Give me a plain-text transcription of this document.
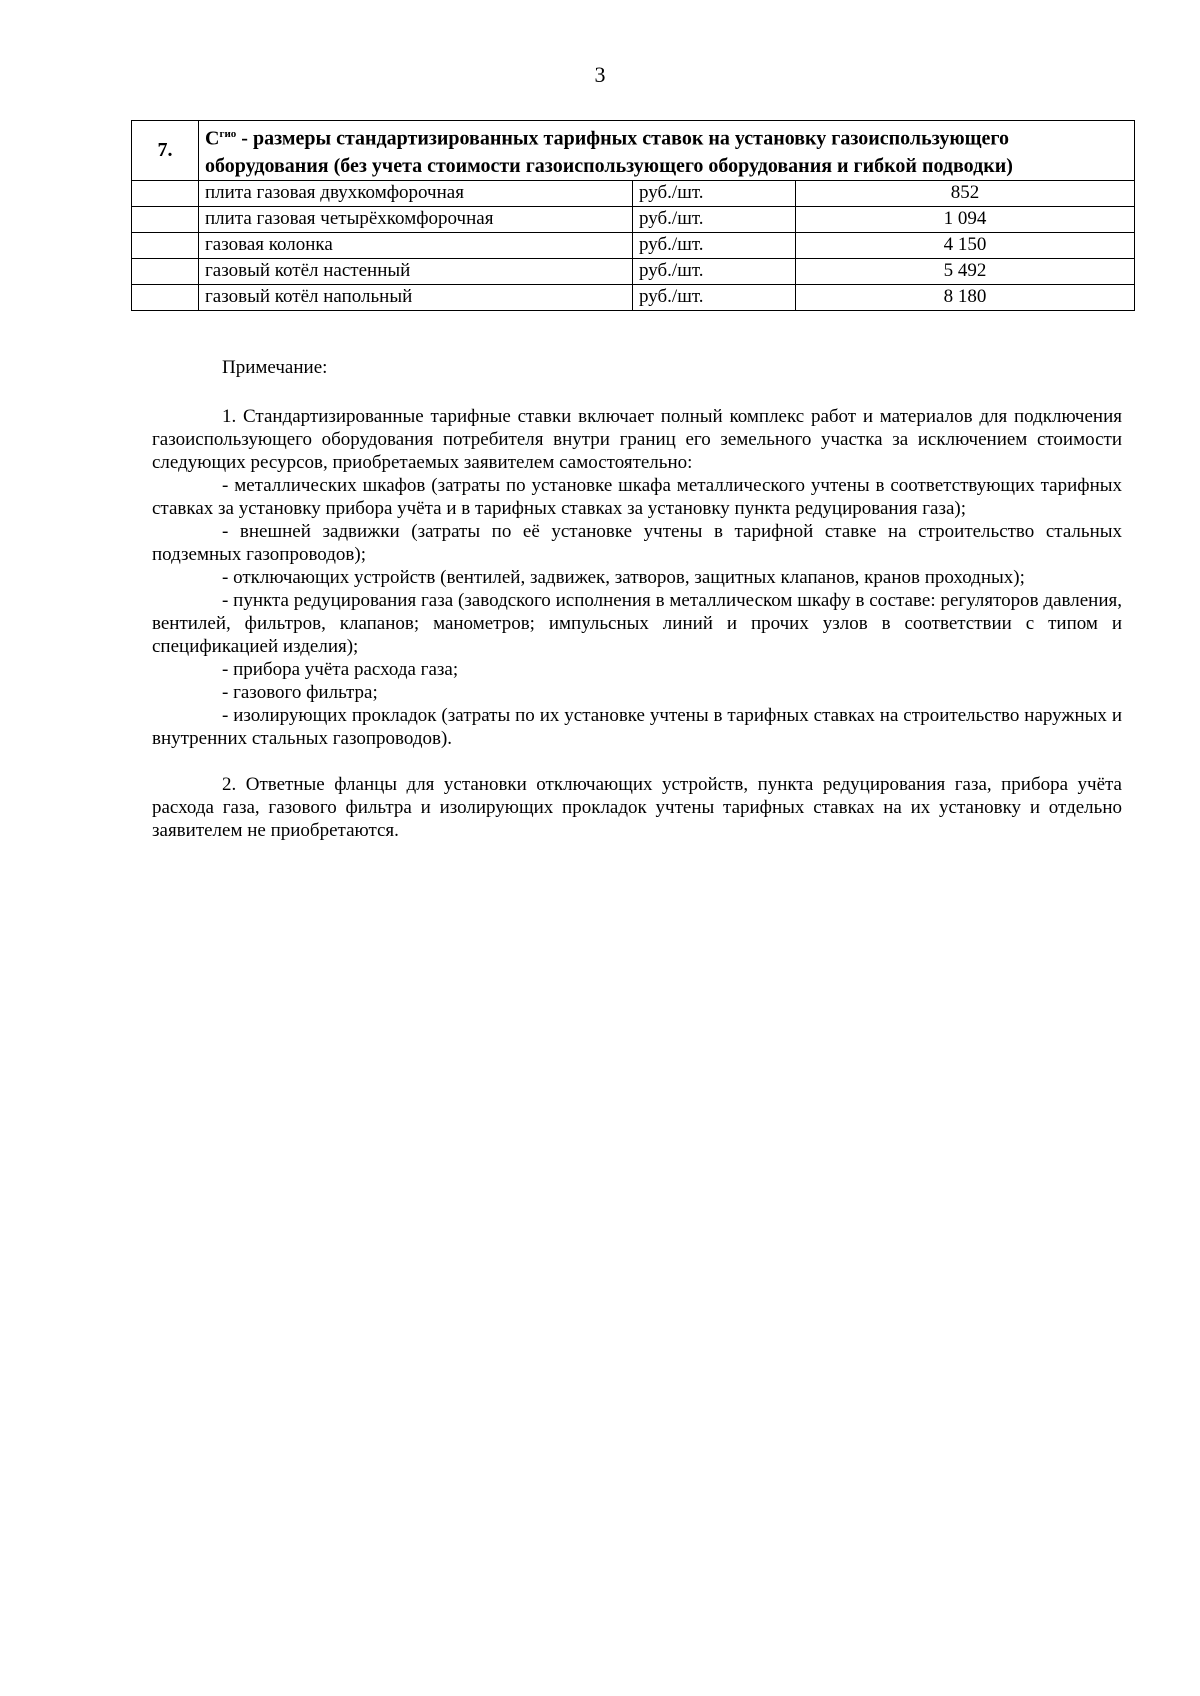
3
7.	$C^{гио}$ - размеры стандартизированных тарифных ставок на установку газоиспользующего оборудования (без учета стоимости газоиспользующего оборудования и гибкой подводки)		
	плита газовая двухкомфорочная	руб./шт.	852
	плита газовая четырёхкомфорочная	руб./шт.	1 094
	газовая колонка	руб./шт.	4 150
	газовый котёл настенный	руб./шт.	5 492
	газовый котёл напольный	руб./шт.	8 180

Примечание:

1. Стандартизированные тарифные ставки включает полный комплекс работ и материалов для подключения газоиспользующего оборудования потребителя внутри границ его земельного участка за исключением стоимости следующих ресурсов, приобретаемых заявителем самостоятельно:

- металлических шкафов (затраты по установке шкафа металлического учтены в соответствующих тарифных ставках за установку прибора учёта и в тарифных ставках за установку пункта редуцирования газа);

- внешней задвижки (затраты по её установке учтены в тарифной ставке на строительство стальных подземных газопроводов);

- отключающих устройств (вентилей, задвижек, затворов, защитных клапанов, кранов проходных);

- пункта редуцирования газа (заводского исполнения в металлическом шкафу в составе: регуляторов давления, вентилей, фильтров, клапанов; манометров; импульсных линий и прочих узлов в соответствии с типом и спецификацией изделия);

- прибора учёта расхода газа;

- газового фильтра;

- изолирующих прокладок (затраты по их установке учтены в тарифных ставках на строительство наружных и внутренних стальных газопроводов).

2. Ответные фланцы для установки отключающих устройств, пункта редуцирования газа, прибора учёта расхода газа, газового фильтра и изолирующих прокладок учтены тарифных ставках на их установку и отдельно заявителем не приобретаются.
